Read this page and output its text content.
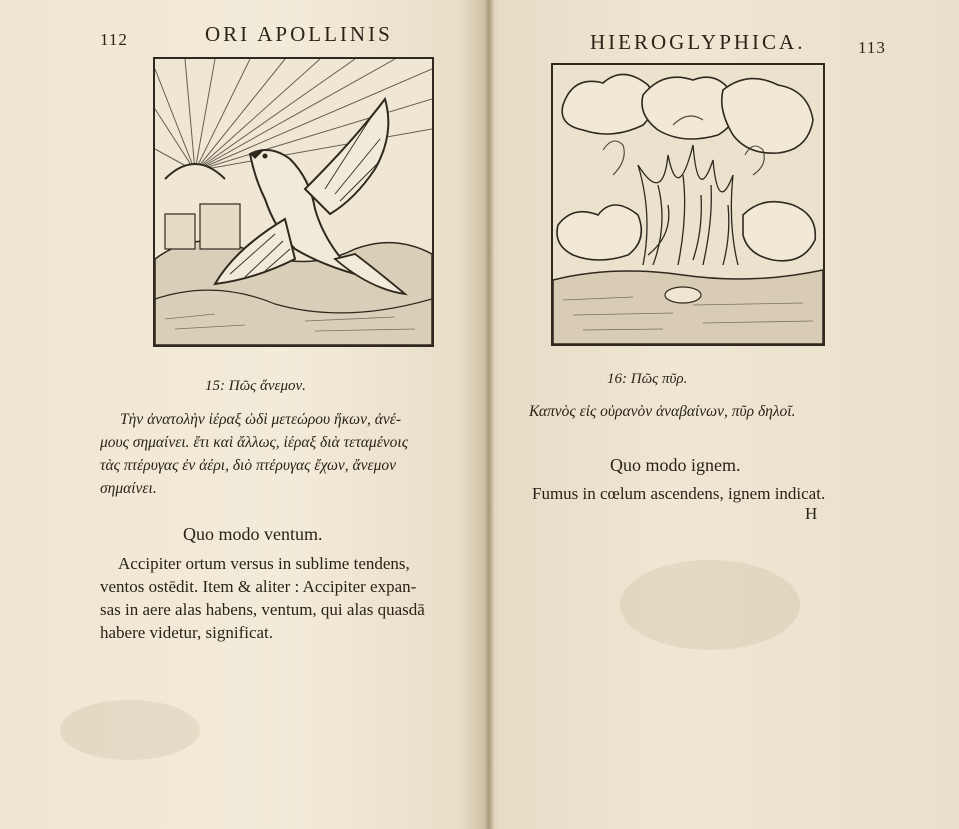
112	ORI APOLLINIS
15: Πῶς ἄνεμον.
Τὴν ἀνατολὴν ἱέραξ ὡδὶ μετεώρου ἥκων, ἀνέ-
μους σημαίνει. ἔτι καὶ ἄλλως, ἱέραξ διὰ τεταμένοις
τὰς πτέρυγας ἐν ἀέρι, διὸ πτέρυγας ἔχων, ἄνεμον
σημαίνει.
Quo modo ventum.
Accipiter ortum versus in sublime tendens,
ventos ostēdit. Item & aliter : Accipiter expan-
sas in aere alas habens, ventum, qui alas quasdā
habere videtur, significat.
HIEROGLYPHICA.	113
16: Πῶς πῦρ.
Καπνὸς εἰς οὐρανὸν ἀναβαίνων, πῦρ δηλοῖ.
Quo modo ignem.
Fumus in cœlum ascendens, ignem indicat.
H
